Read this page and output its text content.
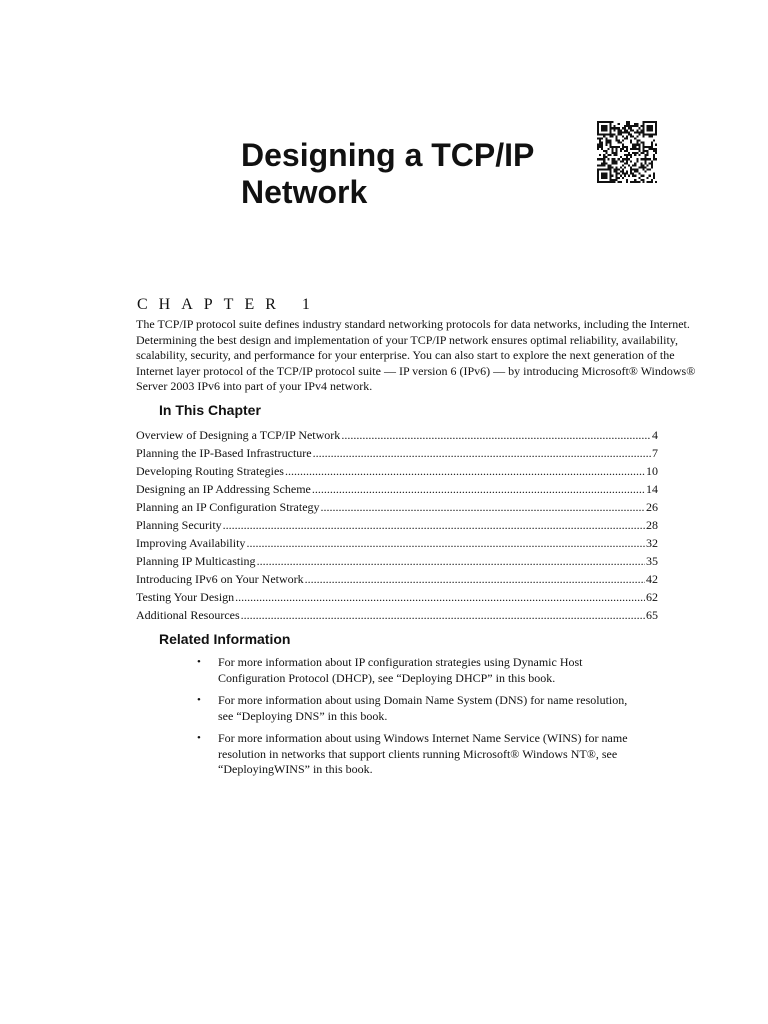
Designing a TCP/IP
Network
CHAPTER 1

The TCP/IP protocol suite defines industry standard networking protocols for data networks, including the Internet. Determining the best design and implementation of your TCP/IP network ensures optimal reliability, availability, scalability, security, and performance for your enterprise. You can also start to explore the next generation of the Internet layer protocol of the TCP/IP protocol suite — IP version 6 (IPv6) — by introducing Microsoft® Windows® Server 2003 IPv6 into part of your IPv4 network.

In This Chapter
Overview of Designing a TCP/IP Network .....	4
Planning the IP-Based Infrastructure .....	7
Developing Routing Strategies .....	10
Designing an IP Addressing Scheme .....	14
Planning an IP Configuration Strategy .....	26
Planning Security .....	28
Improving Availability .....	32
Planning IP Multicasting .....	35
Introducing IPv6 on Your Network .....	42
Testing Your Design .....	62
Additional Resources .....	65
Related Information
• For more information about IP configuration strategies using Dynamic Host Configuration Protocol (DHCP), see “Deploying DHCP” in this book.
• For more information about using Domain Name System (DNS) for name resolution, see “Deploying DNS” in this book.
• For more information about using Windows Internet Name Service (WINS) for name resolution in networks that support clients running Microsoft® Windows NT®, see “DeployingWINS” in this book.
